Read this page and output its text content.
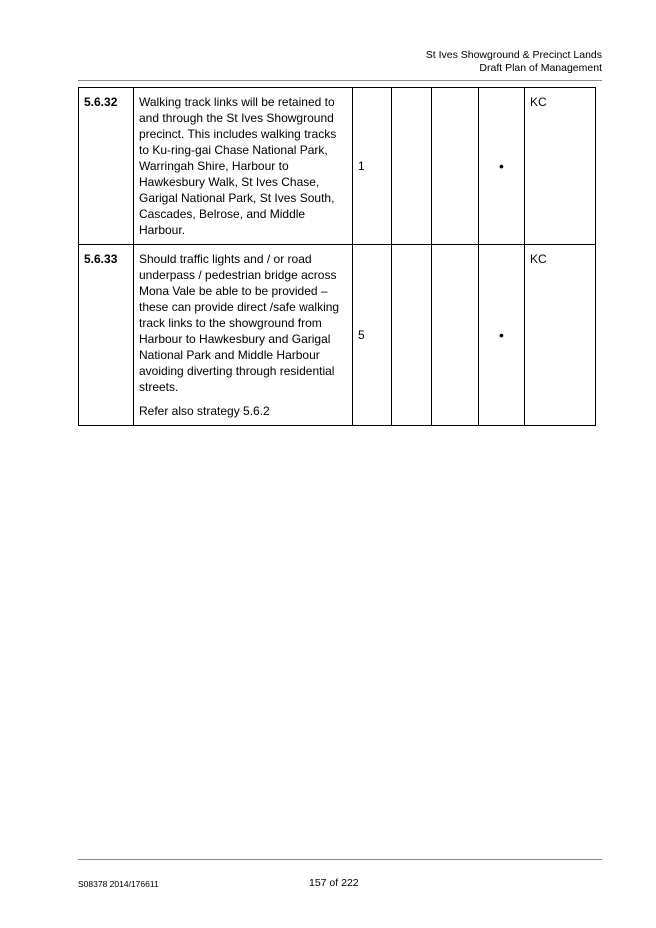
St Ives Showground & Precinct Lands
Draft Plan of Management
5.6.32	Walking track links will be retained to and through the St Ives Showground precinct. This includes walking tracks to Ku-ring-gai Chase National Park, Warringah Shire, Harbour to Hawkesbury Walk, St Ives Chase, Garigal National Park, St Ives South, Cascades, Belrose, and Middle Harbour.	1			•	KC
5.6.33	Should traffic lights and / or road underpass / pedestrian bridge across Mona Vale be able to be provided – these can provide direct /safe walking track links to the showground from Harbour to Hawkesbury and Garigal National Park and Middle Harbour avoiding diverting through residential streets.

Refer also strategy 5.6.2	5			•	KC
S08378 2014/176611	157 of 222
